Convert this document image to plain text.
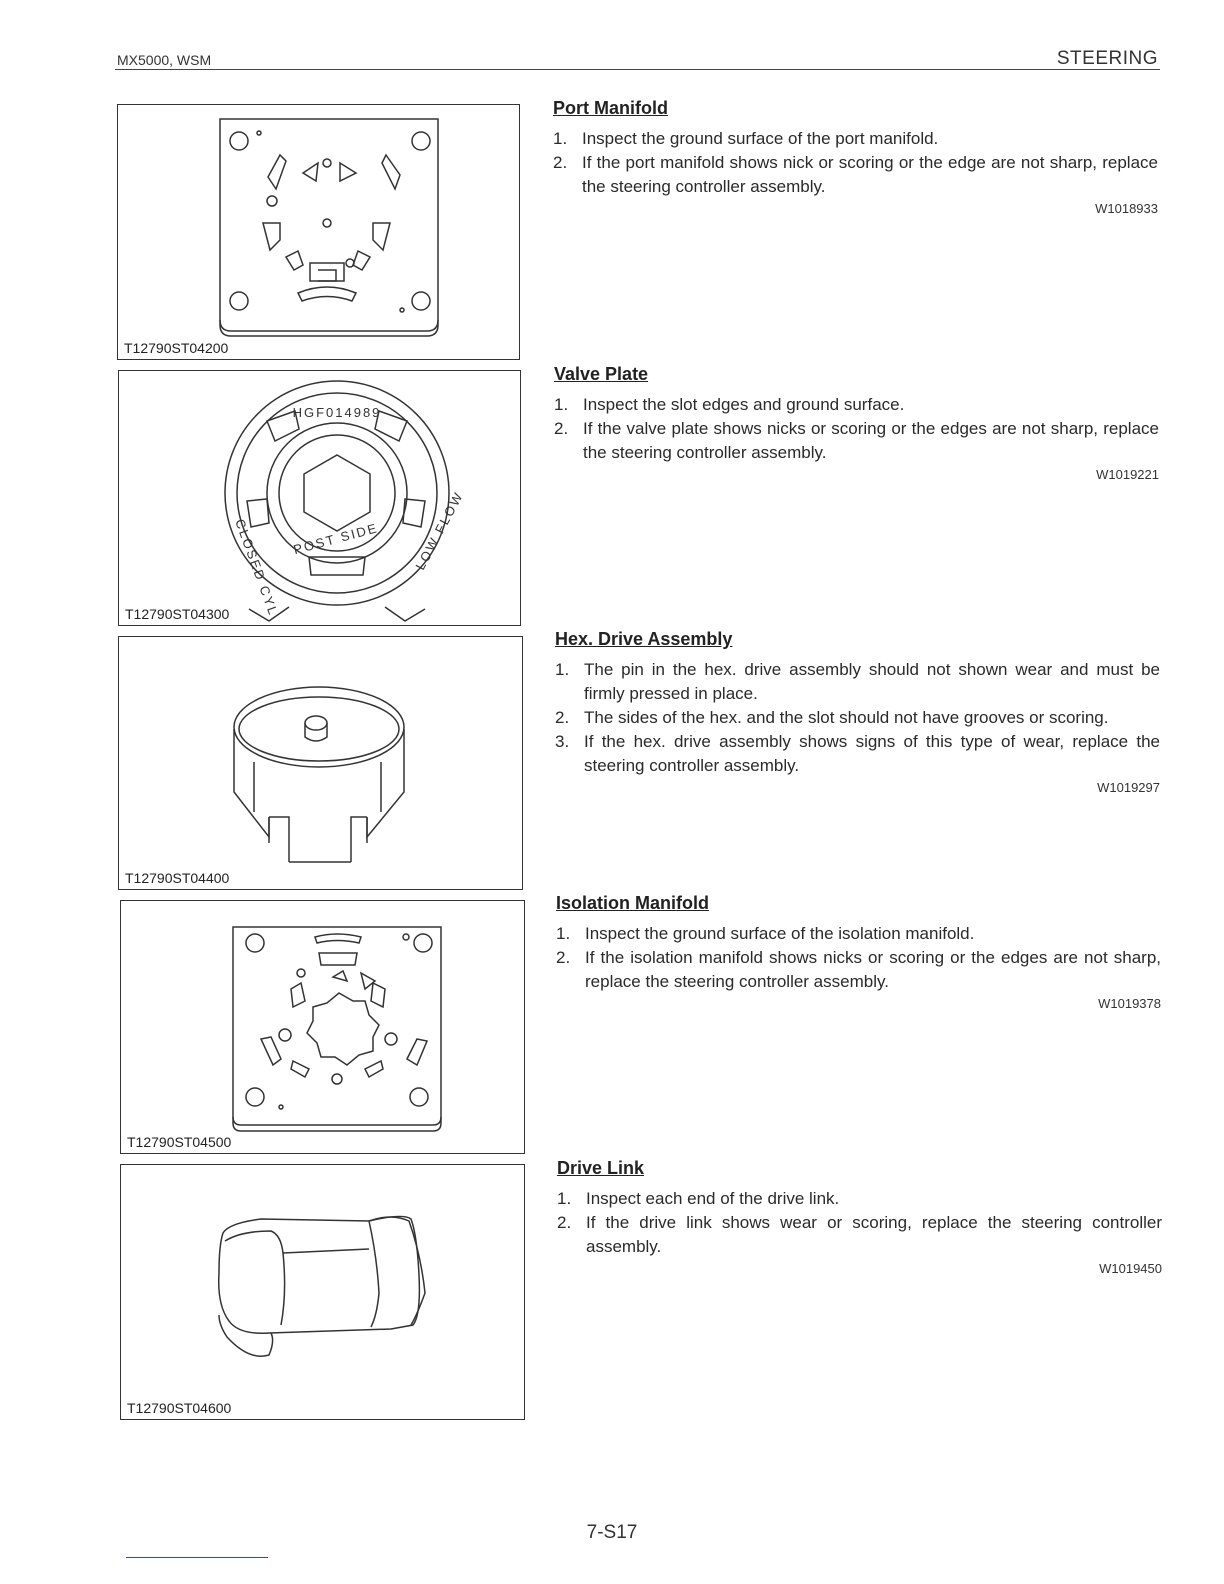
MX5000, WSM	STEERING
T12790ST04200
HGF014989
CLOSED CYL POST SIDE	LOW FLOW
T12790ST04300
T12790ST04400
T12790ST04500
T12790ST04600
Port Manifold
1. Inspect the ground surface of the port manifold.
2. If the port manifold shows nick or scoring or the edge are not sharp, replace the steering controller assembly.
W1018933
Valve Plate
1. Inspect the slot edges and ground surface.
2. If the valve plate shows nicks or scoring or the edges are not sharp, replace the steering controller assembly.
W1019221
Hex. Drive Assembly
1. The pin in the hex. drive assembly should not shown wear and must be firmly pressed in place.
2. The sides of the hex. and the slot should not have grooves or scoring.
3. If the hex. drive assembly shows signs of this type of wear, replace the steering controller assembly.
W1019297
Isolation Manifold
1. Inspect the ground surface of the isolation manifold.
2. If the isolation manifold shows nicks or scoring or the edges are not sharp, replace the steering controller assembly.
W1019378
Drive Link
1. Inspect each end of the drive link.
2. If the drive link shows wear or scoring, replace the steering controller assembly.
W1019450
7-S17
